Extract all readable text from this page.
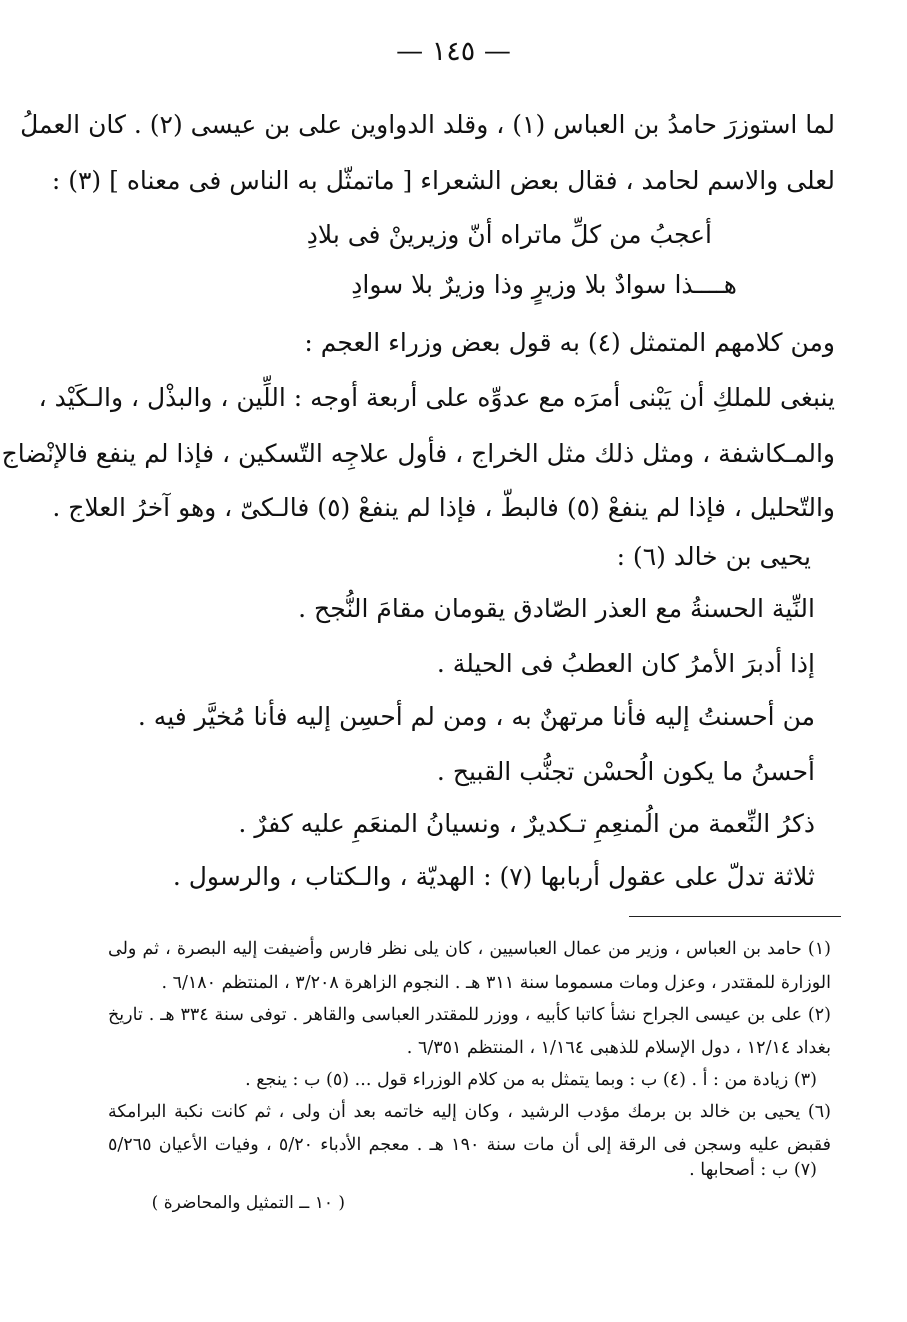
— ١٤٥ —
لما استوزرَ حامدُ بن العباس (١) ، وقلد الدواوين على بن عيسى (٢) . كان العملُ
لعلى والاسم لحامد ، فقال بعض الشعراء [ ماتمثّل به الناس فى معناه ] (٣) :
أعجبُ من كلِّ ماتراه أنّ وزيرينْ فى بلادِ
هــــذا سوادٌ بلا وزيرٍ وذا وزيرٌ بلا سوادِ
ومن كلامهم المتمثل (٤) به قول بعض وزراء العجم :
ينبغى للملكِ أن يَبْنى أمرَه مع عدوِّه على أربعة أوجه : اللِّين ، والبذْل ، والـكَيْد ،
والمـكاشفة ، ومثل ذلك مثل الخراج ، فأول علاجِه التّسكين ، فإذا لم ينفع فالإنْضاج
والتّحليل ، فإذا لم ينفعْ (٥) فالبطّ ، فإذا لم ينفعْ (٥) فالـكىّ ، وهو آخرُ العلاج .
يحيى بن خالد (٦) :
النِّية الحسنةُ مع العذر الصّادق يقومان مقامَ النُّجح .
إذا أدبرَ الأمرُ كان العطبُ فى الحيلة .
من أحسنتُ إليه فأنا مرتهنٌ به ، ومن لم أحسِن إليه فأنا مُخيَّر فيه .
أحسنُ ما يكون الُحسْن تجنُّب القبيح .
ذكرُ النِّعمة من الُمنعِمِ تـكديرٌ ، ونسيانُ المنعَمِ عليه كفرٌ .
ثلاثة تدلّ على عقول أربابها (٧) : الهديّة ، والـكتاب ، والرسول .
(١) حامد بن العباس ، وزير من عمال العباسيين ، كان يلى نظر فارس وأضيفت إليه البصرة ، ثم ولى
الوزارة للمقتدر ، وعزل ومات مسموما سنة ٣١١ هـ . النجوم الزاهرة ٣/٢٠٨ ، المنتظم ٦/١٨٠ .
(٢) على بن عيسى الجراح نشأ كاتبا كأبيه ، ووزر للمقتدر العباسى والقاهر . توفى سنة ٣٣٤ هـ . تاريخ
بغداد ١٢/١٤ ، دول الإسلام للذهبى ١/١٦٤ ، المنتظم ٦/٣٥١ .
(٣) زيادة من : أ . (٤) ب : وبما يتمثل به من كلام الوزراء قول ... (٥) ب : ينجع .
(٦) يحيى بن خالد بن برمك مؤدب الرشيد ، وكان إليه خاتمه بعد أن ولى ، ثم كانت نكبة البرامكة
فقبض عليه وسجن فى الرقة إلى أن مات سنة ١٩٠ هـ . معجم الأدباء ٥/٢٠ ، وفيات الأعيان ٥/٢٦٥
(٧) ب : أصحابها .
( ١٠ ــ التمثيل والمحاضرة )
